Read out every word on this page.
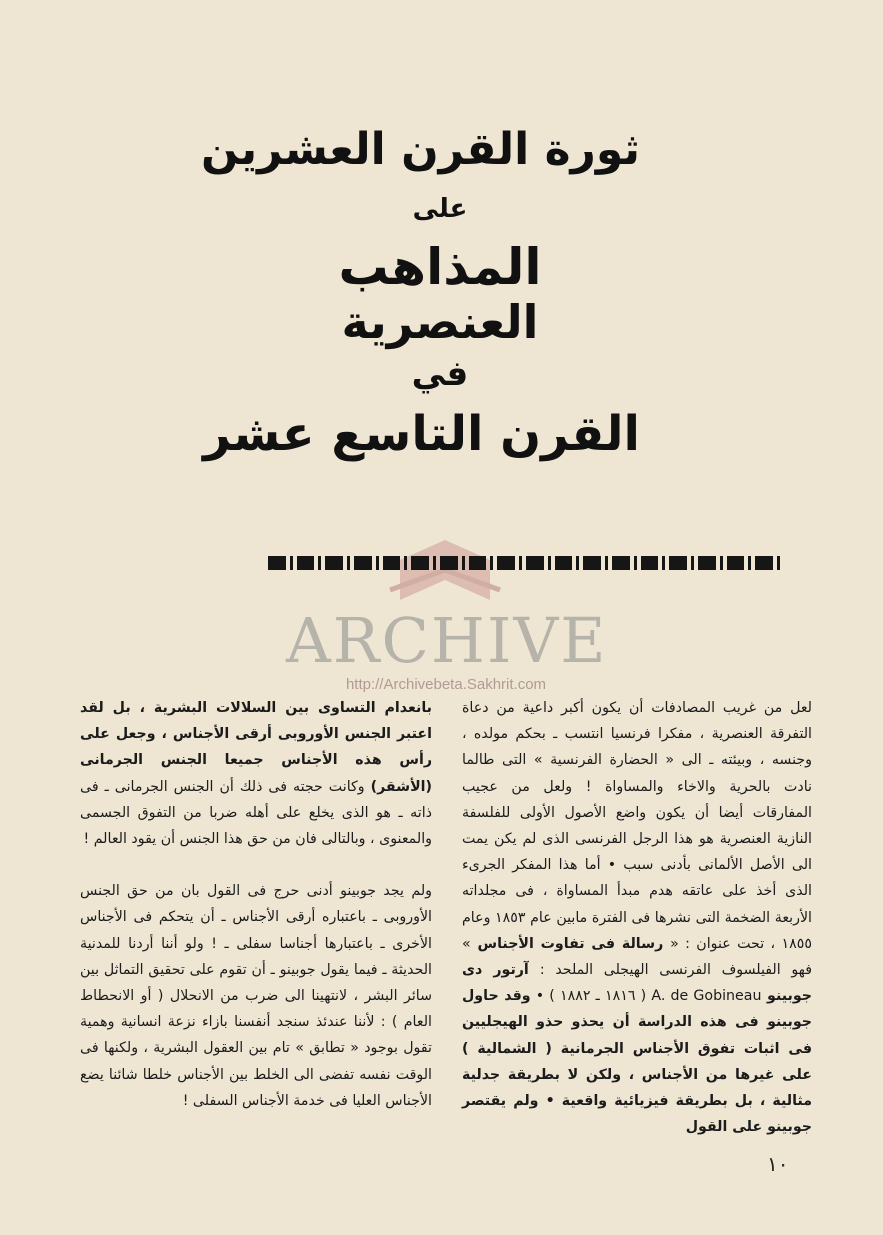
ثورة القرن العشرين
على
المذاهب
العنصرية
في
القرن التاسع عشر
ARCHIVE
http://Archivebeta.Sakhrit.com

لعل من غريب المصادفات أن يكون أكبر داعية من دعاة التفرقة العنصرية ، مفكرا فرنسيا انتسب ـ بحكم مولده ، وجنسه ، وبيئته ـ الى « الحضارة الفرنسية » التى طالما نادت بالحرية والاخاء والمساواة ! ولعل من عجيب المفارقات أيضا أن يكون واضع الأصول الأولى للفلسفة النازية العنصرية هو هذا الرجل الفرنسى الذى لم يكن يمت الى الأصل الألمانى بأدنى سبب • أما هذا المفكر الجرىء الذى أخذ على عاتقه هدم مبدأ المساواة ، فى مجلداته الأربعة الضخمة التى نشرها فى الفترة مابين عام ١٨٥٣ وعام ١٨٥٥ ، تحت عنوان : « رسالة فى تفاوت الأجناس » فهو الفيلسوف الفرنسى الهيجلى الملحد : آرتور دى جوبينو A. de Gobineau ( ١٨١٦ ـ ١٨٨٢ ) • وقد حاول جوبينو فى هذه الدراسة أن يحذو حذو الهيجليين فى اثبات تفوق الأجناس الجرمانية ( الشمالية ) على غيرها من الأجناس ، ولكن لا بطريقة جدلية مثالية ، بل بطريقة فيزيائية واقعية • ولم يقتصر جوبينو على القول

بانعدام التساوى بين السلالات البشرية ، بل لقد اعتبر الجنس الأوروبى أرقى الأجناس ، وجعل على رأس هذه الأجناس جميعا الجنس الجرمانى (الأشقر) وكانت حجته فى ذلك أن الجنس الجرمانى ـ فى ذاته ـ هو الذى يخلع على أهله ضربا من التفوق الجسمى والمعنوى ، وبالتالى فان من حق هذا الجنس أن يقود العالم !

ولم يجد جوبينو أدنى حرج فى القول بان من حق الجنس الأوروبى ـ باعتباره أرقى الأجناس ـ أن يتحكم فى الأجناس الأخرى ـ باعتبارها أجناسا سفلى ـ ! ولو أننا أردنا للمدنية الحديثة ـ فيما يقول جوبينو ـ أن تقوم على تحقيق التماثل بين سائر البشر ، لانتهينا الى ضرب من الانحلال ( أو الانحطاط العام ) : لأننا عندئذ سنجد أنفسنا بازاء نزعة انسانية وهمية تقول بوجود « تطابق » تام بين العقول البشرية ، ولكنها فى الوقت نفسه تفضى الى الخلط بين الأجناس خلطا شائنا يضع الأجناس العليا فى خدمة الأجناس السفلى !

١٠
